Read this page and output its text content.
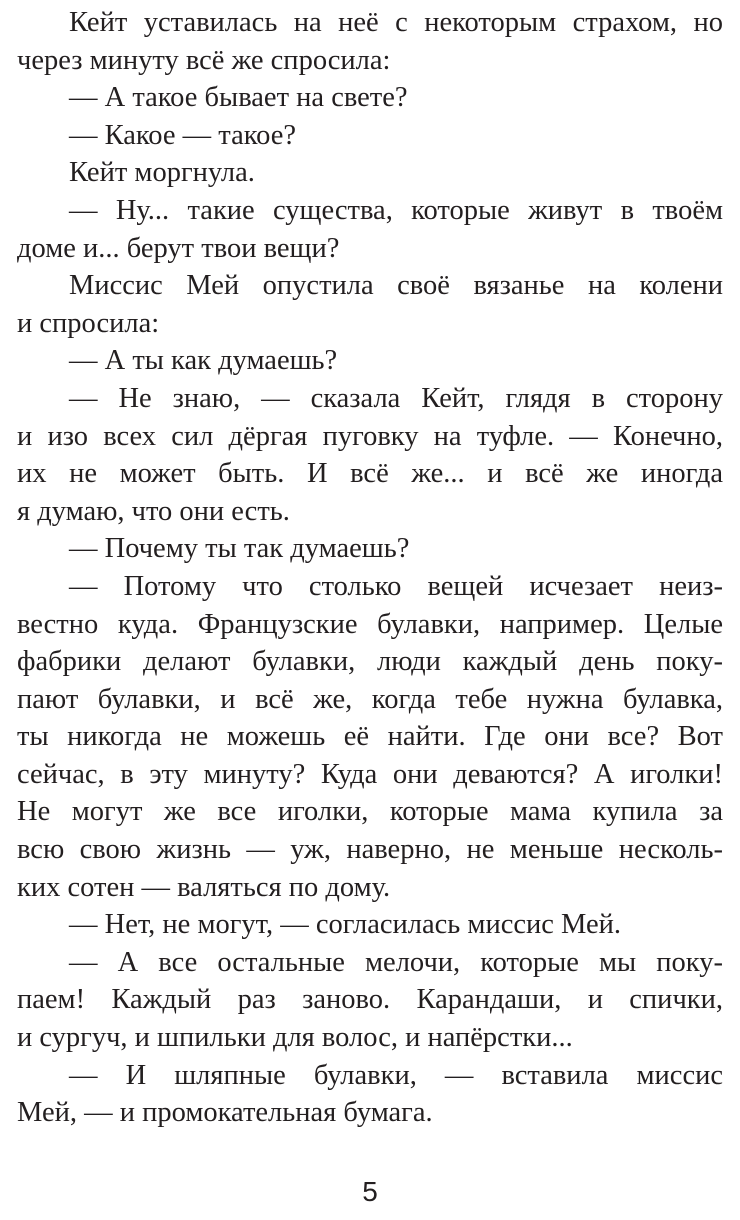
Кейт уставилась на неё с некоторым страхом, но
через минуту всё же спросила:
— А такое бывает на свете?
— Какое — такое?
Кейт моргнула.
— Ну... такие существа, которые живут в твоём
доме и... берут твои вещи?
Миссис Мей опустила своё вязанье на колени
и спросила:
— А ты как думаешь?
— Не знаю, — сказала Кейт, глядя в сторону
и изо всех сил дёргая пуговку на туфле. — Конечно,
их не может быть. И всё же... и всё же иногда
я думаю, что они есть.
— Почему ты так думаешь?
— Потому что столько вещей исчезает неиз-
вестно куда. Французские булавки, например. Целые
фабрики делают булавки, люди каждый день поку-
пают булавки, и всё же, когда тебе нужна булавка,
ты никогда не можешь её найти. Где они все? Вот
сейчас, в эту минуту? Куда они деваются? А иголки!
Не могут же все иголки, которые мама купила за
всю свою жизнь — уж, наверно, не меньше несколь-
ких сотен — валяться по дому.
— Нет, не могут, — согласилась миссис Мей.
— А все остальные мелочи, которые мы поку-
паем! Каждый раз заново. Карандаши, и спички,
и сургуч, и шпильки для волос, и напёрстки...
— И шляпные булавки, — вставила миссис
Мей, — и промокательная бумага.
5
